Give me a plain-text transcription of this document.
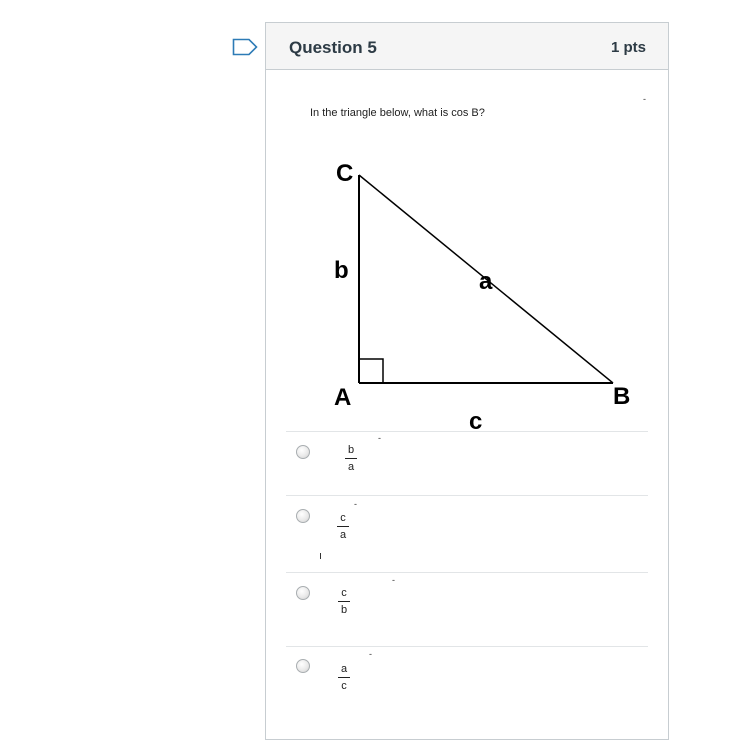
Question 5	1 pts
In the triangle below, what is cos B?
-
C
b	a
A
c
B
b
a
-
c
a
-
c
b
-
a
c
-
